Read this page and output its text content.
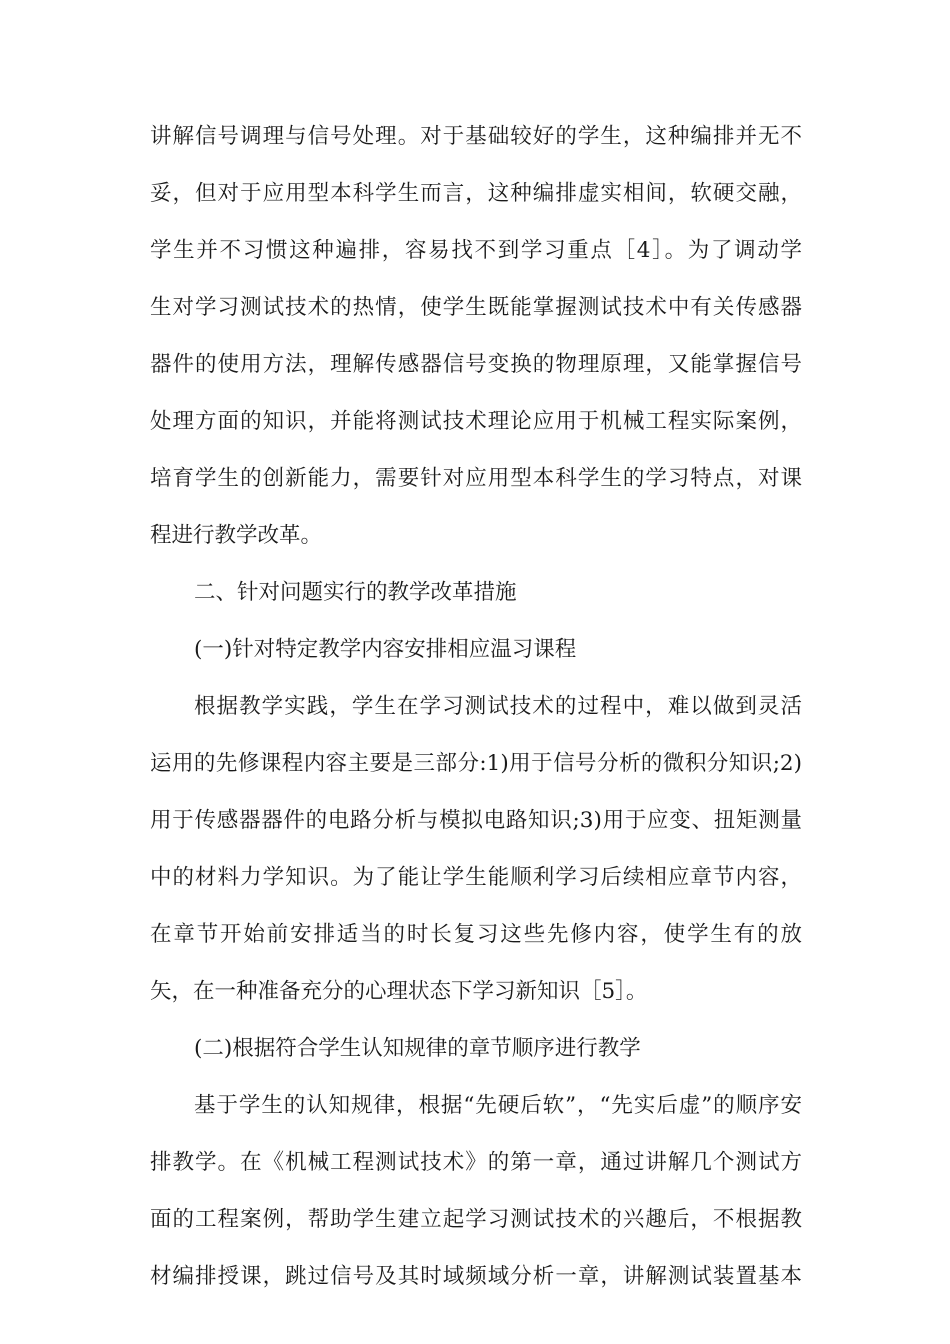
讲解信号调理与信号处理。对于基础较好的学生，这种编排并无不
妥，但对于应用型本科学生而言，这种编排虚实相间，软硬交融，
学生并不习惯这种遍排，容易找不到学习重点［4］。为了调动学
生对学习测试技术的热情，使学生既能掌握测试技术中有关传感器
器件的使用方法，理解传感器信号变换的物理原理，又能掌握信号
处理方面的知识，并能将测试技术理论应用于机械工程实际案例，
培育学生的创新能力，需要针对应用型本科学生的学习特点，对课
程进行教学改革。
二、针对问题实行的教学改革措施
(一)针对特定教学内容安排相应温习课程
根据教学实践，学生在学习测试技术的过程中，难以做到灵活
运用的先修课程内容主要是三部分:1)用于信号分析的微积分知识;2)
用于传感器器件的电路分析与模拟电路知识;3)用于应变、扭矩测量
中的材料力学知识。为了能让学生能顺利学习后续相应章节内容，
在章节开始前安排适当的时长复习这些先修内容，使学生有的放
矢，在一种准备充分的心理状态下学习新知识［5］。
(二)根据符合学生认知规律的章节顺序进行教学
基于学生的认知规律，根据“先硬后软”，“先实后虚”的顺序安
排教学。在《机械工程测试技术》的第一章，通过讲解几个测试方
面的工程案例，帮助学生建立起学习测试技术的兴趣后，不根据教
材编排授课，跳过信号及其时域频域分析一章，讲解测试装置基本
